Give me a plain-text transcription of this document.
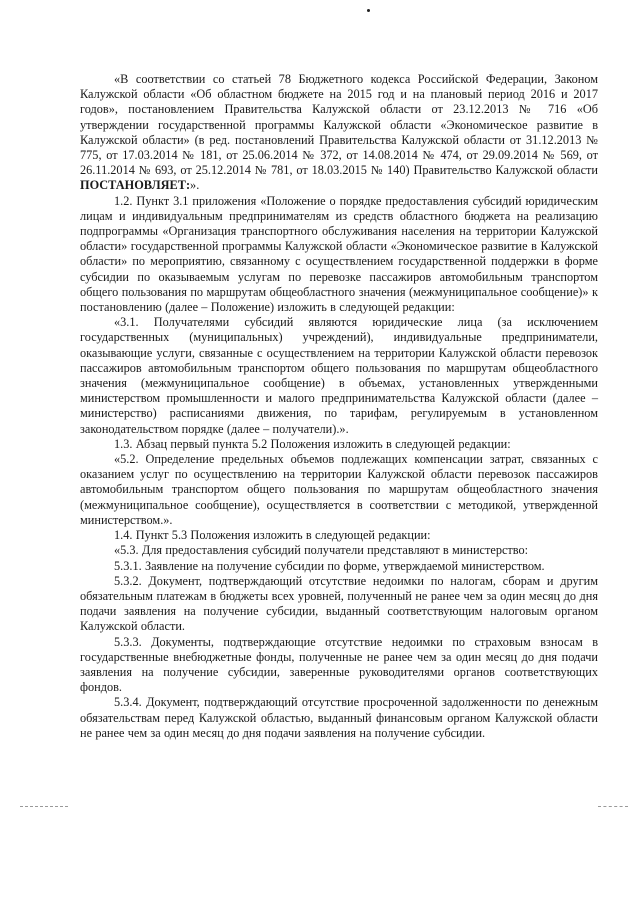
«В соответствии со статьей 78 Бюджетного кодекса Российской Федерации, Законом Калужской области «Об областном бюджете на 2015 год и на плановый период 2016 и 2017 годов», постановлением Правительства Калужской области от 23.12.2013 № 716 «Об утверждении государственной программы Калужской области «Экономическое развитие в Калужской области» (в ред. постановлений Правительства Калужской области от 31.12.2013 № 775, от 17.03.2014 № 181, от 25.06.2014 № 372, от 14.08.2014 № 474, от 29.09.2014 № 569, от 26.11.2014 № 693, от 25.12.2014 № 781, от 18.03.2015 № 140) Правительство Калужской области ПОСТАНОВЛЯЕТ:».

1.2. Пункт 3.1 приложения «Положение о порядке предоставления субсидий юридическим лицам и индивидуальным предпринимателям из средств областного бюджета на реализацию подпрограммы «Организация транспортного обслуживания населения на территории Калужской области» государственной программы Калужской области «Экономическое развитие в Калужской области» по мероприятию, связанному с осуществлением государственной поддержки в форме субсидии по оказываемым услугам по перевозке пассажиров автомобильным транспортом общего пользования по маршрутам общеобластного значения (межмуниципальное сообщение)» к постановлению (далее – Положение) изложить в следующей редакции:

«3.1. Получателями субсидий являются юридические лица (за исключением государственных (муниципальных) учреждений), индивидуальные предприниматели, оказывающие услуги, связанные с осуществлением на территории Калужской области перевозок пассажиров автомобильным транспортом общего пользования по маршрутам общеобластного значения (межмуниципальное сообщение) в объемах, установленных утвержденными министерством промышленности и малого предпринимательства Калужской области (далее – министерство) расписаниями движения, по тарифам, регулируемым в установленном законодательством порядке (далее – получатели).».

1.3. Абзац первый пункта 5.2 Положения изложить в следующей редакции:

«5.2. Определение предельных объемов подлежащих компенсации затрат, связанных с оказанием услуг по осуществлению на территории Калужской области перевозок пассажиров автомобильным транспортом общего пользования по маршрутам общеобластного значения (межмуниципальное сообщение), осуществляется в соответствии с методикой, утвержденной министерством.».

1.4. Пункт 5.3 Положения изложить в следующей редакции:

«5.3. Для предоставления субсидий получатели представляют в министерство:

5.3.1. Заявление на получение субсидии по форме, утверждаемой министерством.

5.3.2. Документ, подтверждающий отсутствие недоимки по налогам, сборам и другим обязательным платежам в бюджеты всех уровней, полученный не ранее чем за один месяц до дня подачи заявления на получение субсидии, выданный соответствующим налоговым органом Калужской области.

5.3.3. Документы, подтверждающие отсутствие недоимки по страховым взносам в государственные внебюджетные фонды, полученные не ранее чем за один месяц до дня подачи заявления на получение субсидии, заверенные руководителями органов соответствующих фондов.

5.3.4. Документ, подтверждающий отсутствие просроченной задолженности по денежным обязательствам перед Калужской областью, выданный финансовым органом Калужской области не ранее чем за один месяц до дня подачи заявления на получение субсидии.
